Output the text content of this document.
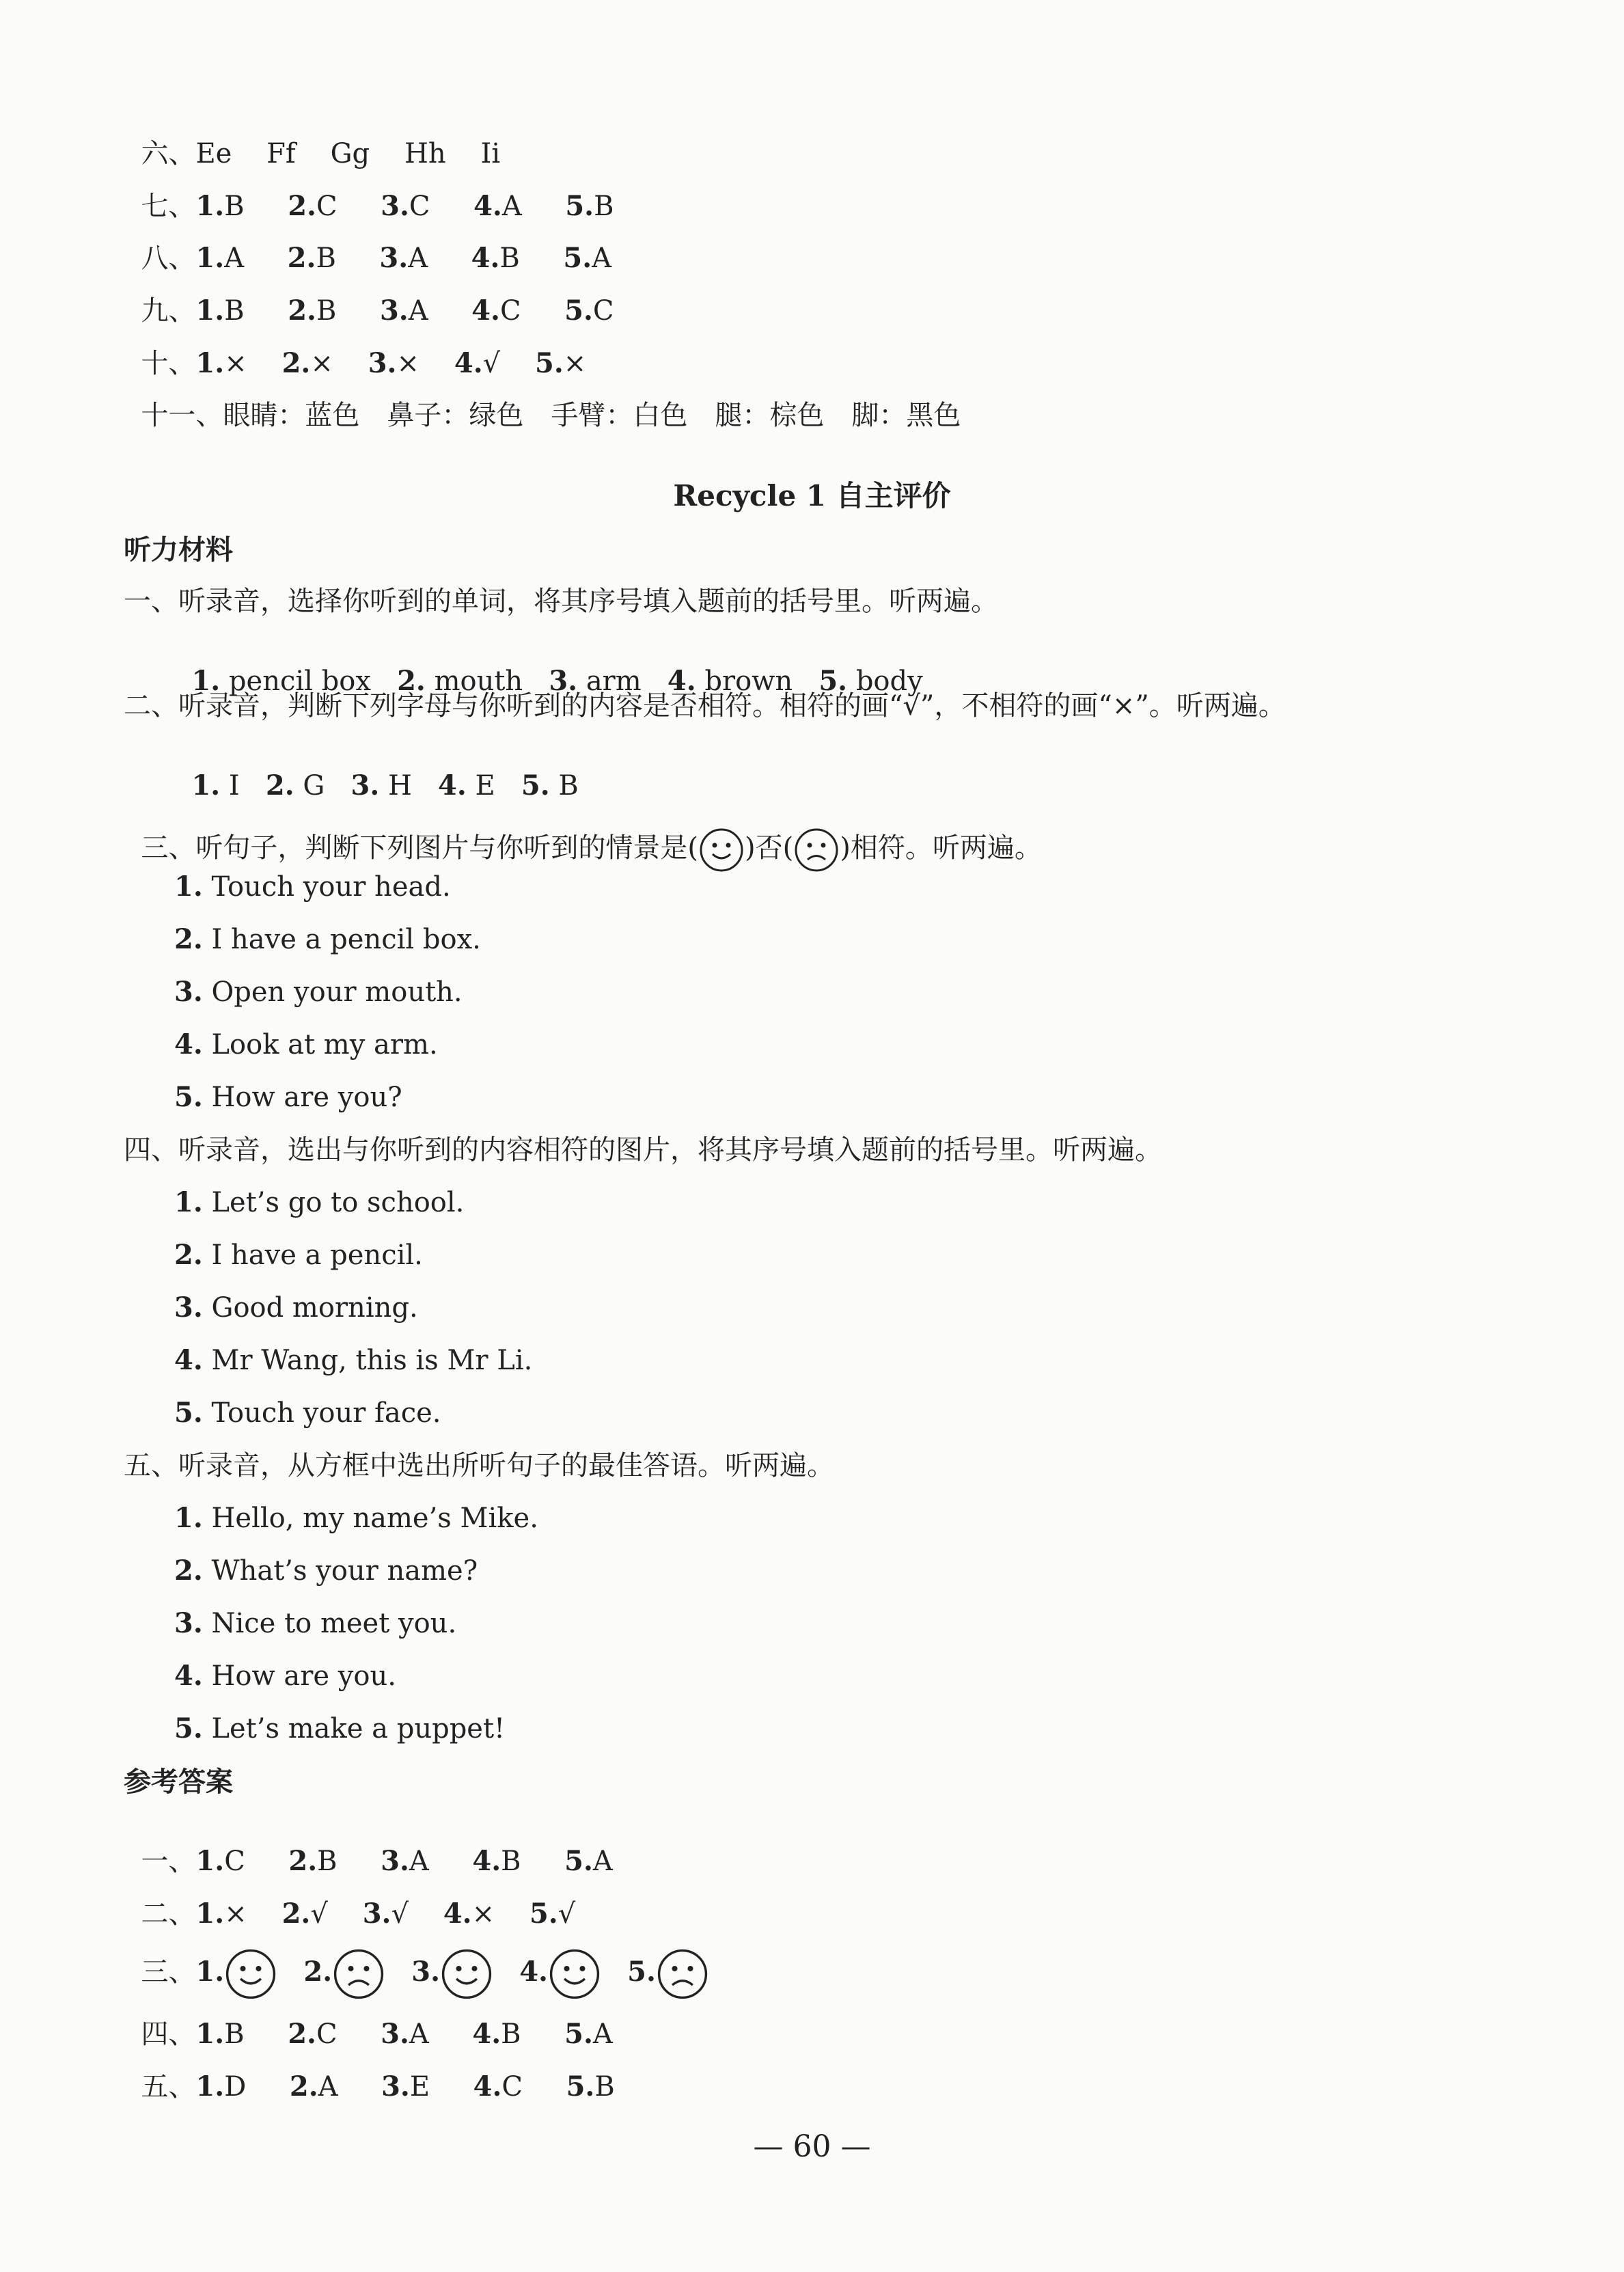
六、Ee Ff Gg Hh Ii

七、1.B 2.C 3.C 4.A 5.B

八、1.A 2.B 3.A 4.B 5.A

九、1.B 2.B 3.A 4.C 5.C

十、1.× 2.× 3.× 4.√ 5.×

十一、眼睛：蓝色　鼻子：绿色　手臂：白色　腿：棕色　脚：黑色

Recycle 1 自主评价
听力材料
一、听录音，选择你听到的单词，将其序号填入题前的括号里。听两遍。

1. pencil box 2. mouth 3. arm 4. brown 5. body

二、听录音，判断下列字母与你听到的内容是否相符。相符的画“√”，不相符的画“×”。听两遍。

1. I 2. G 3. H 4. E 5. B

三、听句子，判断下列图片与你听到的情景是( )否( )相符。听两遍。

1. Touch your head.
2. I have a pencil box.
3. Open your mouth.
4. Look at my arm.
5. How are you?
四、听录音，选出与你听到的内容相符的图片，将其序号填入题前的括号里。听两遍。
1. Let’s go to school.
2. I have a pencil.
3. Good morning.
4. Mr Wang, this is Mr Li.
5. Touch your face.
五、听录音，从方框中选出所听句子的最佳答语。听两遍。
1. Hello, my name’s Mike.
2. What’s your name?
3. Nice to meet you.
4. How are you.
5. Let’s make a puppet!
参考答案

一、1.C 2.B 3.A 4.B 5.A

二、1.× 2.√ 3.√ 4.× 5.√

三、1.	2.	3.	4.	5.

四、1.B 2.C 3.A 4.B 5.A

五、1.D 2.A 3.E 4.C 5.B

— 60 —
